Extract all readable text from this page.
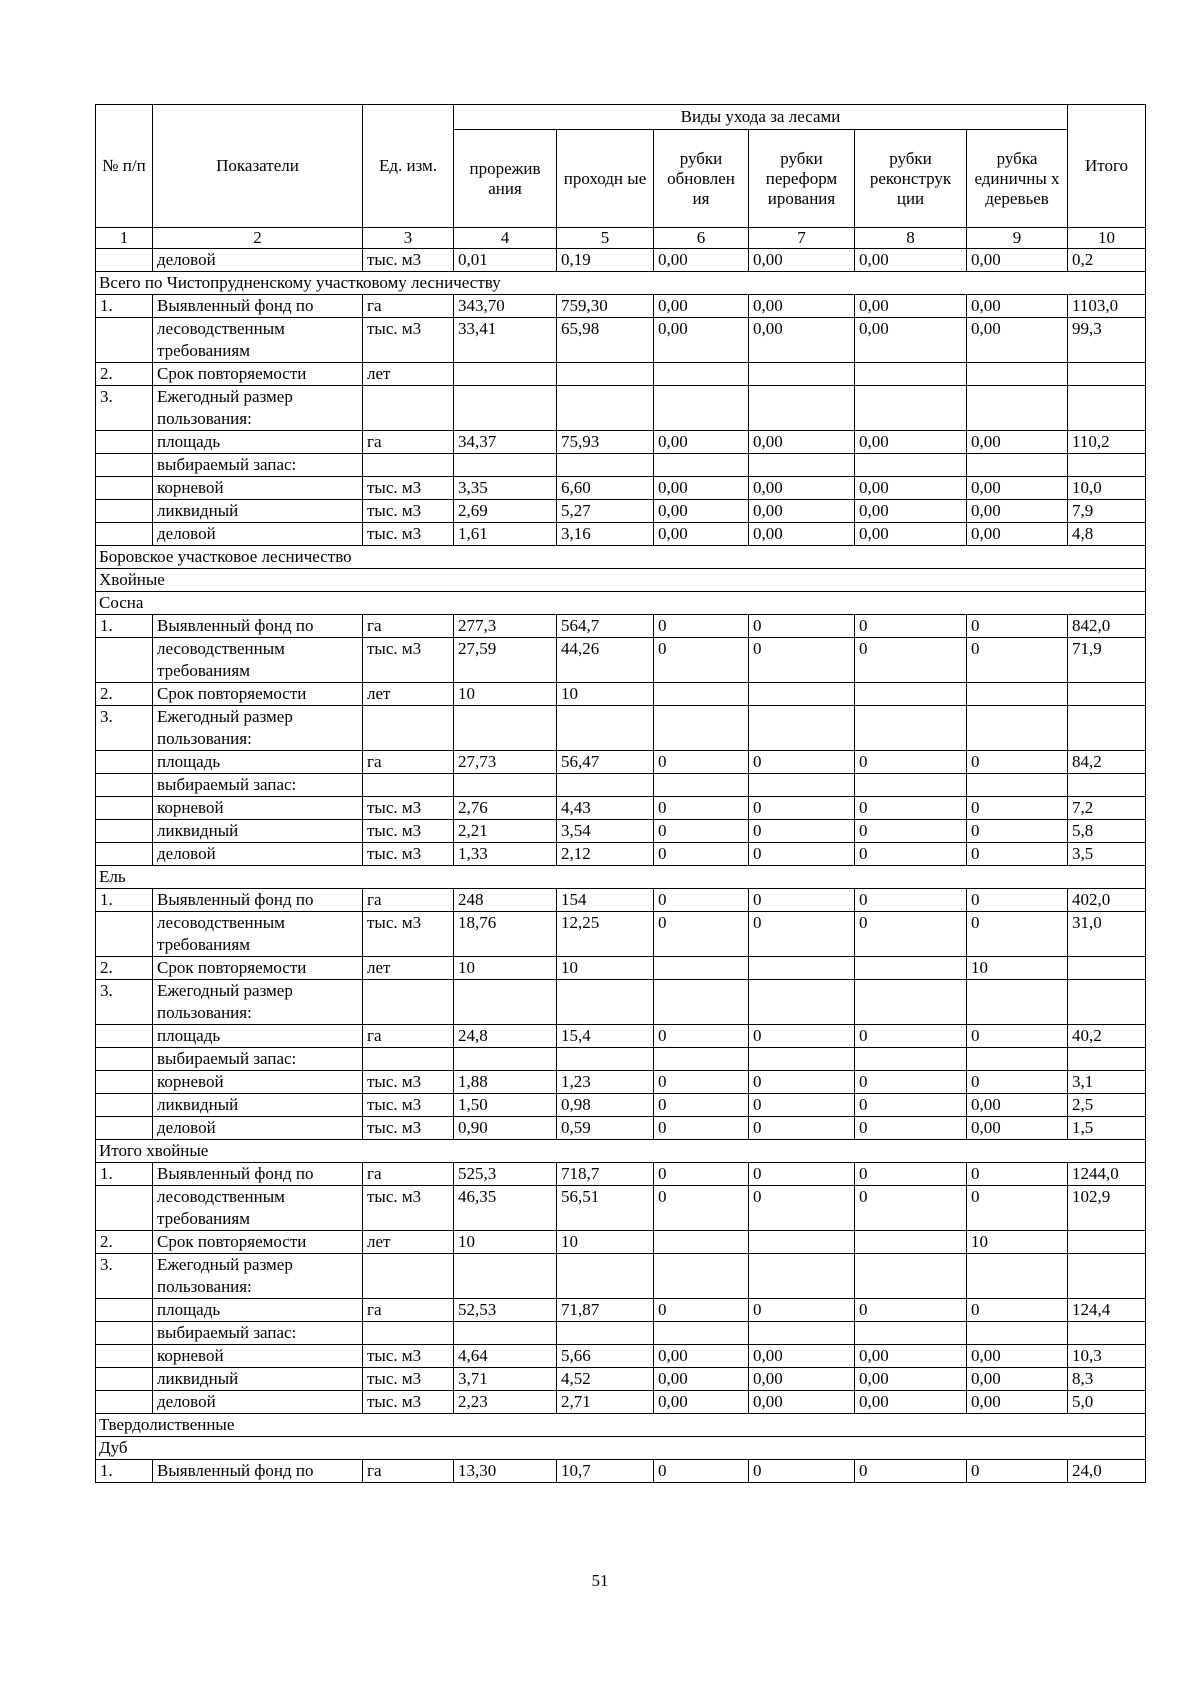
№ п/п	Показатели	Ед. изм.	Виды ухода за лесами						Итого
			прорежив ания	проходн ые	рубки обновлен ия	рубки переформ ирования	рубки реконструк ции	рубка единичны х деревьев	
1	2	3	4	5	6	7	8	9	10
	деловой	тыс. м3	0,01	0,19	0,00	0,00	0,00	0,00	0,2
Всего по Чистопрудненскому участковому лесничеству									
1.	Выявленный фонд по	га	343,70	759,30	0,00	0,00	0,00	0,00	1103,0
	лесоводственным требованиям	тыс. м3	33,41	65,98	0,00	0,00	0,00	0,00	99,3
2.	Срок повторяемости	лет							
3.	Ежегодный размер пользования:								
	площадь	га	34,37	75,93	0,00	0,00	0,00	0,00	110,2
	выбираемый запас:								
	корневой	тыс. м3	3,35	6,60	0,00	0,00	0,00	0,00	10,0
	ликвидный	тыс. м3	2,69	5,27	0,00	0,00	0,00	0,00	7,9
	деловой	тыс. м3	1,61	3,16	0,00	0,00	0,00	0,00	4,8
Боровское участковое лесничество									
Хвойные									
Сосна									
1.	Выявленный фонд по	га	277,3	564,7	0	0	0	0	842,0
	лесоводственным требованиям	тыс. м3	27,59	44,26	0	0	0	0	71,9
2.	Срок повторяемости	лет	10	10					
3.	Ежегодный размер пользования:								
	площадь	га	27,73	56,47	0	0	0	0	84,2
	выбираемый запас:								
	корневой	тыс. м3	2,76	4,43	0	0	0	0	7,2
	ликвидный	тыс. м3	2,21	3,54	0	0	0	0	5,8
	деловой	тыс. м3	1,33	2,12	0	0	0	0	3,5
Ель									
1.	Выявленный фонд по	га	248	154	0	0	0	0	402,0
	лесоводственным требованиям	тыс. м3	18,76	12,25	0	0	0	0	31,0
2.	Срок повторяемости	лет	10	10				10	
3.	Ежегодный размер пользования:								
	площадь	га	24,8	15,4	0	0	0	0	40,2
	выбираемый запас:								
	корневой	тыс. м3	1,88	1,23	0	0	0	0	3,1
	ликвидный	тыс. м3	1,50	0,98	0	0	0	0,00	2,5
	деловой	тыс. м3	0,90	0,59	0	0	0	0,00	1,5
Итого хвойные									
1.	Выявленный фонд по	га	525,3	718,7	0	0	0	0	1244,0
	лесоводственным требованиям	тыс. м3	46,35	56,51	0	0	0	0	102,9
2.	Срок повторяемости	лет	10	10				10	
3.	Ежегодный размер пользования:								
	площадь	га	52,53	71,87	0	0	0	0	124,4
	выбираемый запас:								
	корневой	тыс. м3	4,64	5,66	0,00	0,00	0,00	0,00	10,3
	ликвидный	тыс. м3	3,71	4,52	0,00	0,00	0,00	0,00	8,3
	деловой	тыс. м3	2,23	2,71	0,00	0,00	0,00	0,00	5,0
Твердолиственные									
Дуб									
1.	Выявленный фонд по	га	13,30	10,7	0	0	0	0	24,0
51
